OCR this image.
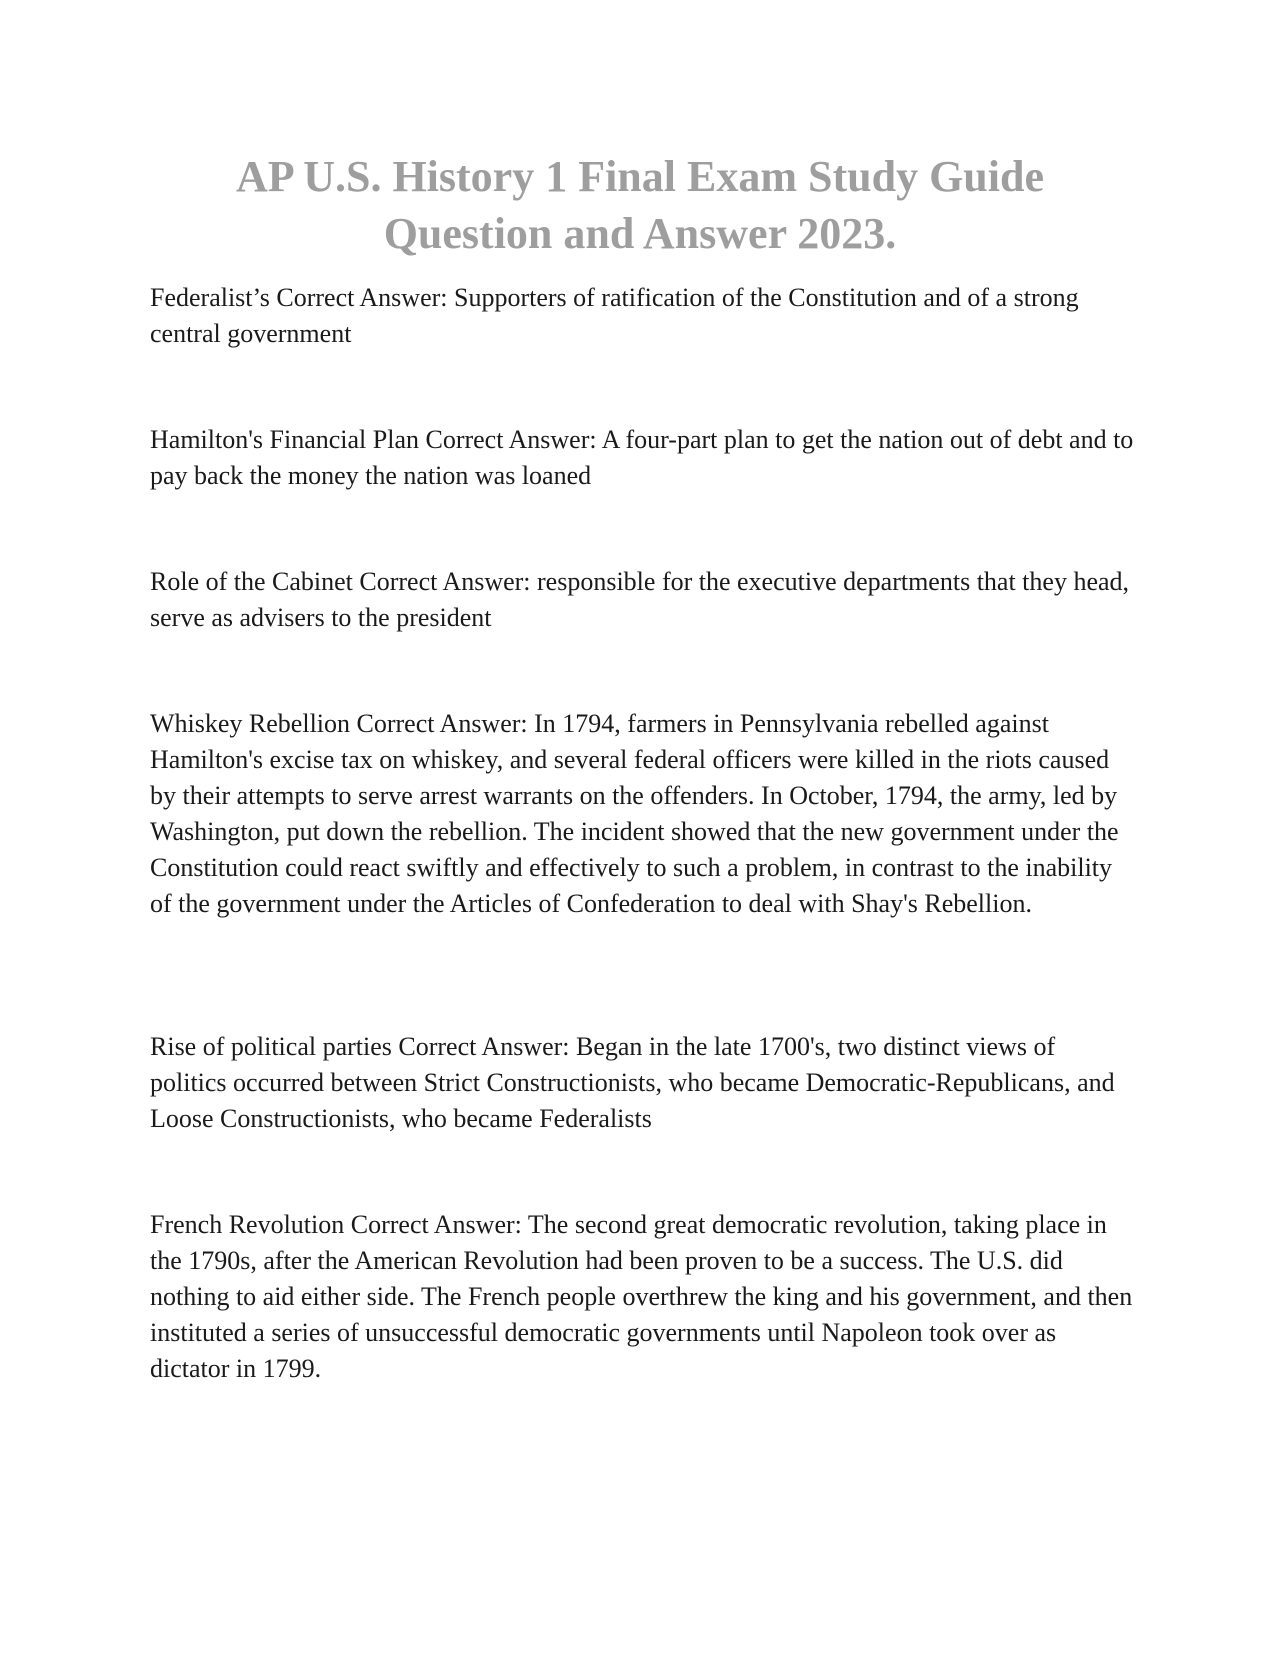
AP U.S. History 1 Final Exam Study Guide
Question and Answer 2023.

Federalist’s Correct Answer: Supporters of ratification of the Constitution and of a strong central government

Hamilton's Financial Plan Correct Answer: A four-part plan to get the nation out of debt and to pay back the money the nation was loaned

Role of the Cabinet Correct Answer: responsible for the executive departments that they head, serve as advisers to the president

Whiskey Rebellion Correct Answer: In 1794, farmers in Pennsylvania rebelled against Hamilton's excise tax on whiskey, and several federal officers were killed in the riots caused by their attempts to serve arrest warrants on the offenders. In October, 1794, the army, led by Washington, put down the rebellion. The incident showed that the new government under the Constitution could react swiftly and effectively to such a problem, in contrast to the inability of the government under the Articles of Confederation to deal with Shay's Rebellion.

Rise of political parties Correct Answer: Began in the late 1700's, two distinct views of politics occurred between Strict Constructionists, who became Democratic-Republicans, and Loose Constructionists, who became Federalists

French Revolution Correct Answer: The second great democratic revolution, taking place in the 1790s, after the American Revolution had been proven to be a success. The U.S. did nothing to aid either side. The French people overthrew the king and his government, and then instituted a series of unsuccessful democratic governments until Napoleon took over as dictator in 1799.
